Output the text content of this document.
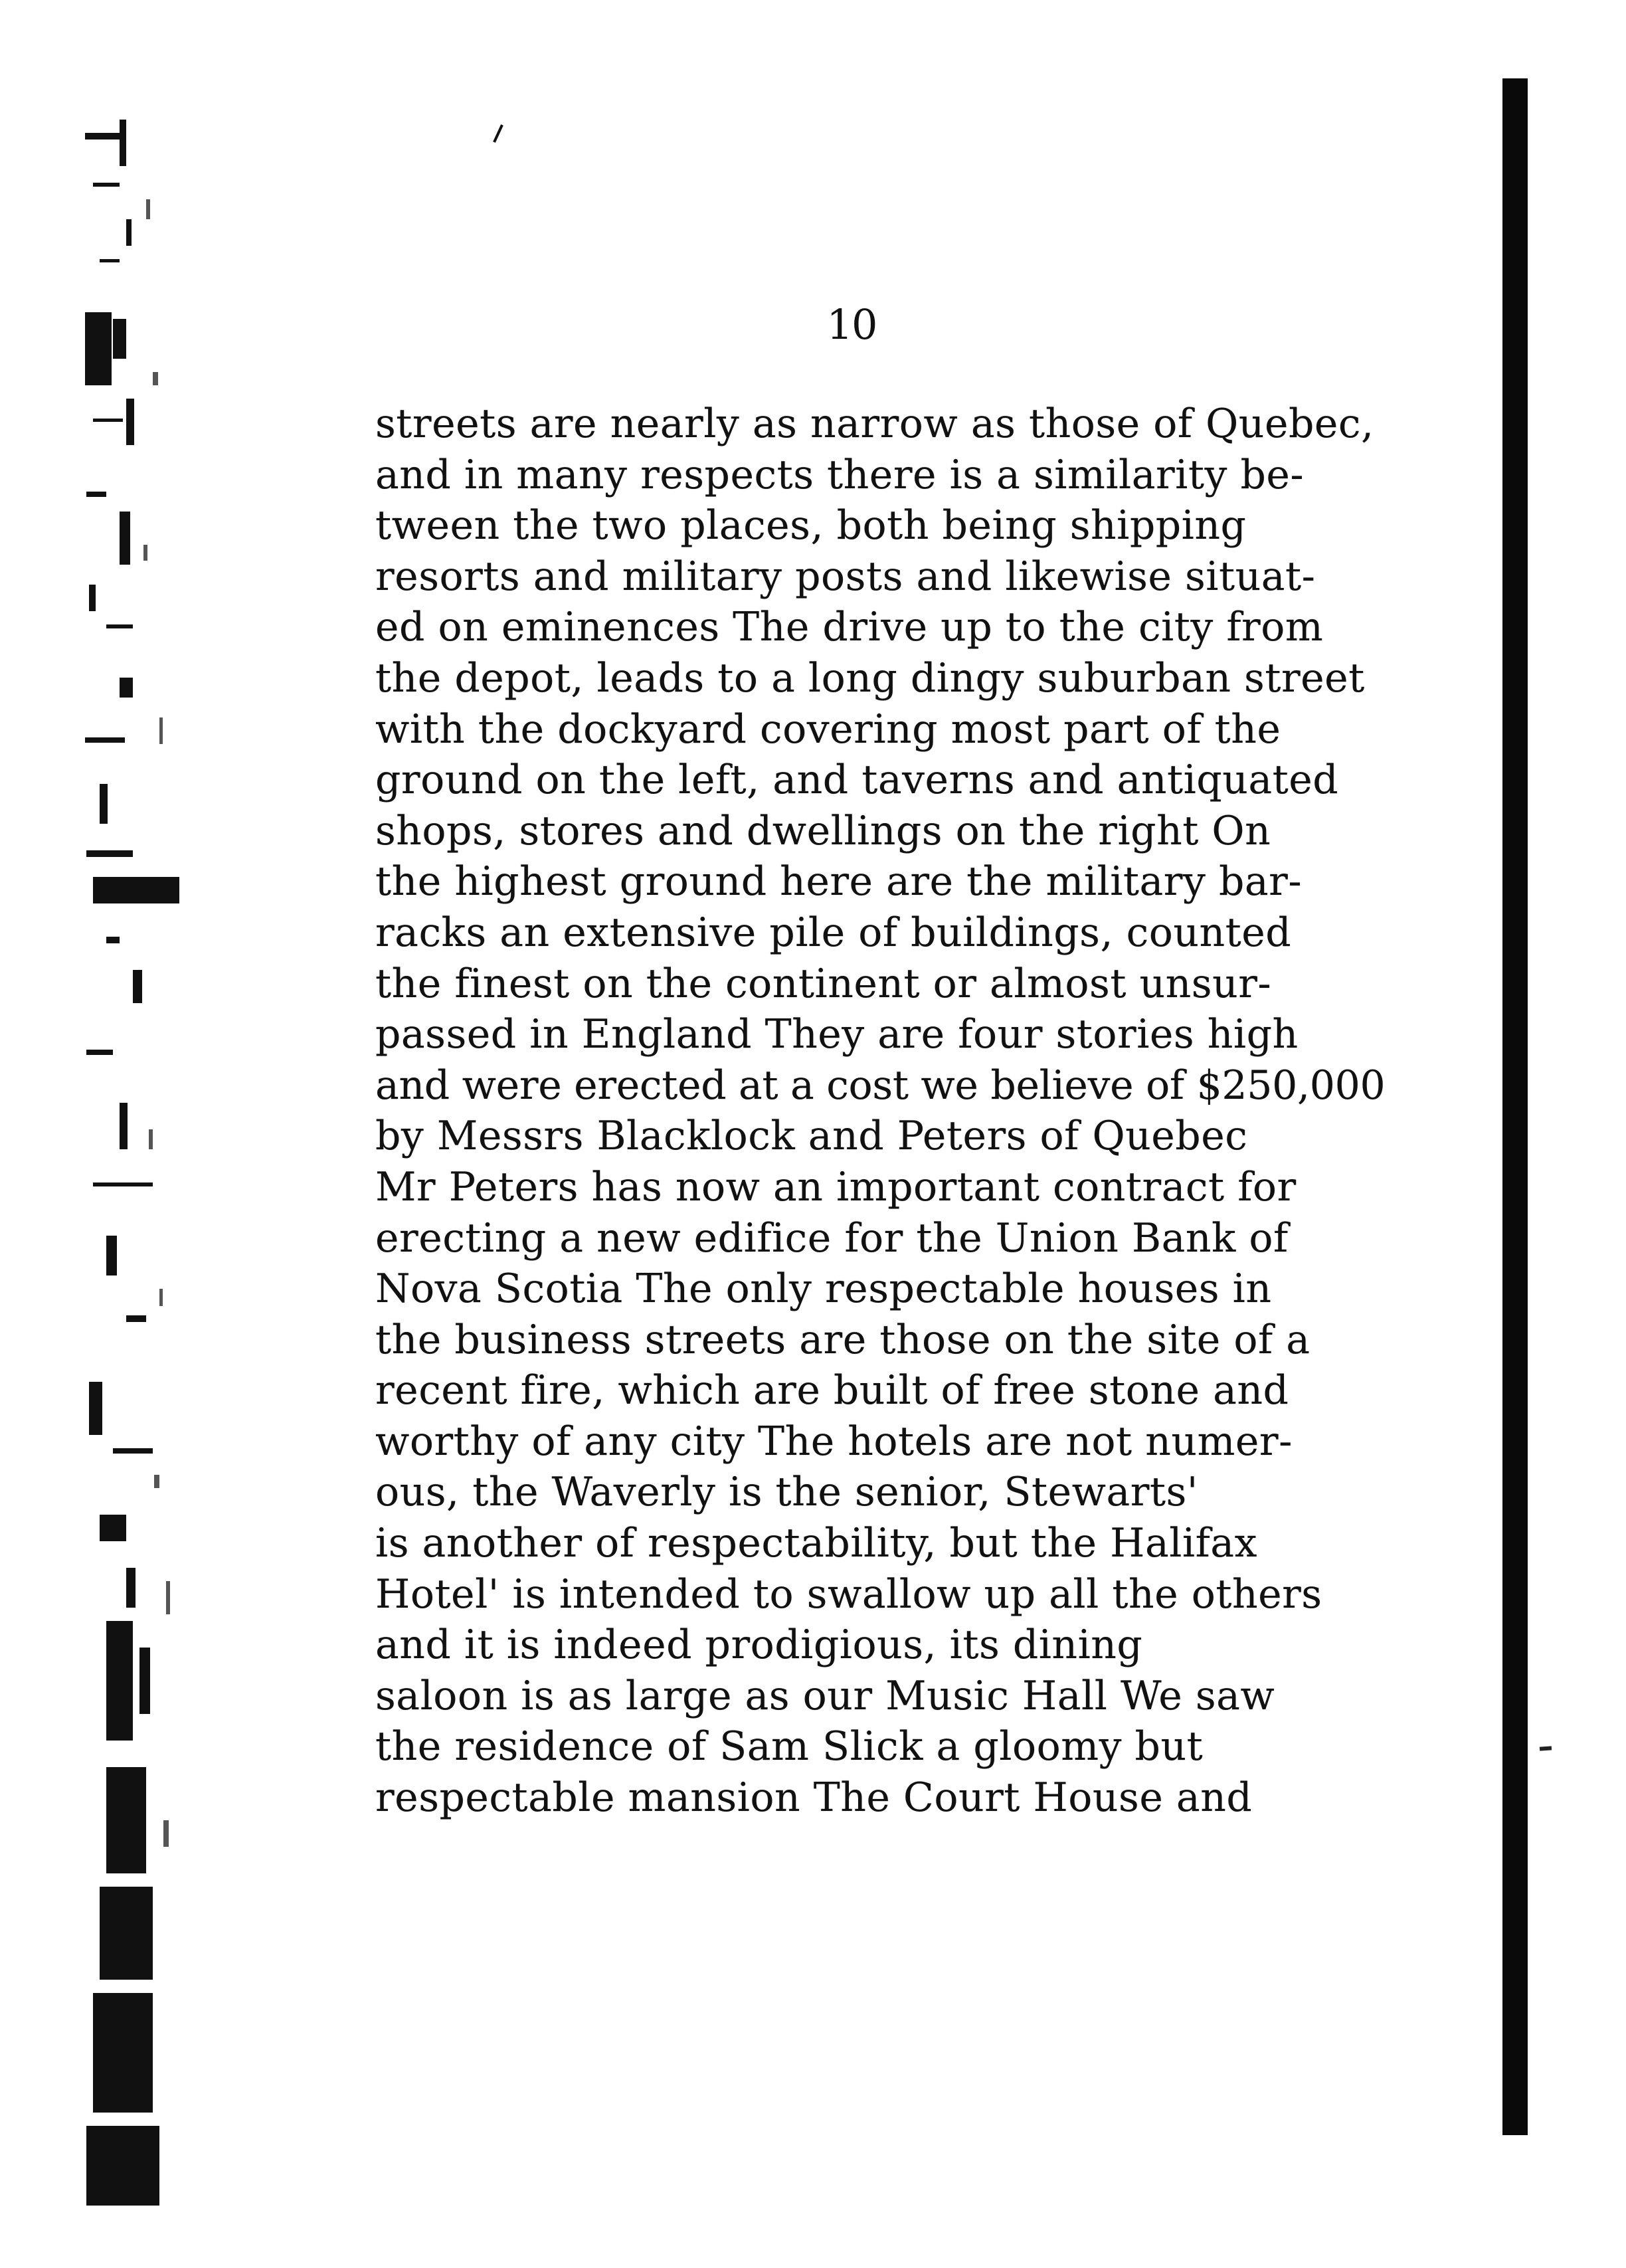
10
streets are nearly as narrow as those of Quebec,
and in many respects there is a similarity be-
tween the two places, both being shipping
resorts and military posts and likewise situat-
ed on eminences The drive up to the city from
the depot, leads to a long dingy suburban street
with the dockyard covering most part of the
ground on the left, and taverns and antiquated
shops, stores and dwellings on the right On
the highest ground here are the military bar-
racks an extensive pile of buildings, counted
the finest on the continent or almost unsur-
passed in England They are four stories high
and were erected at a cost we believe of $250,000
by Messrs Blacklock and Peters of Quebec
Mr Peters has now an important contract for
erecting a new edifice for the Union Bank of
Nova Scotia The only respectable houses in
the business streets are those on the site of a
recent fire, which are built of free stone and
worthy of any city The hotels are not numer-
ous, the Waverly is the senior, Stewarts'
is another of respectability, but the Halifax
Hotel' is intended to swallow up all the others
and it is indeed prodigious, its dining
saloon is as large as our Music Hall We saw
the residence of Sam Slick a gloomy but
respectable mansion The Court House and
